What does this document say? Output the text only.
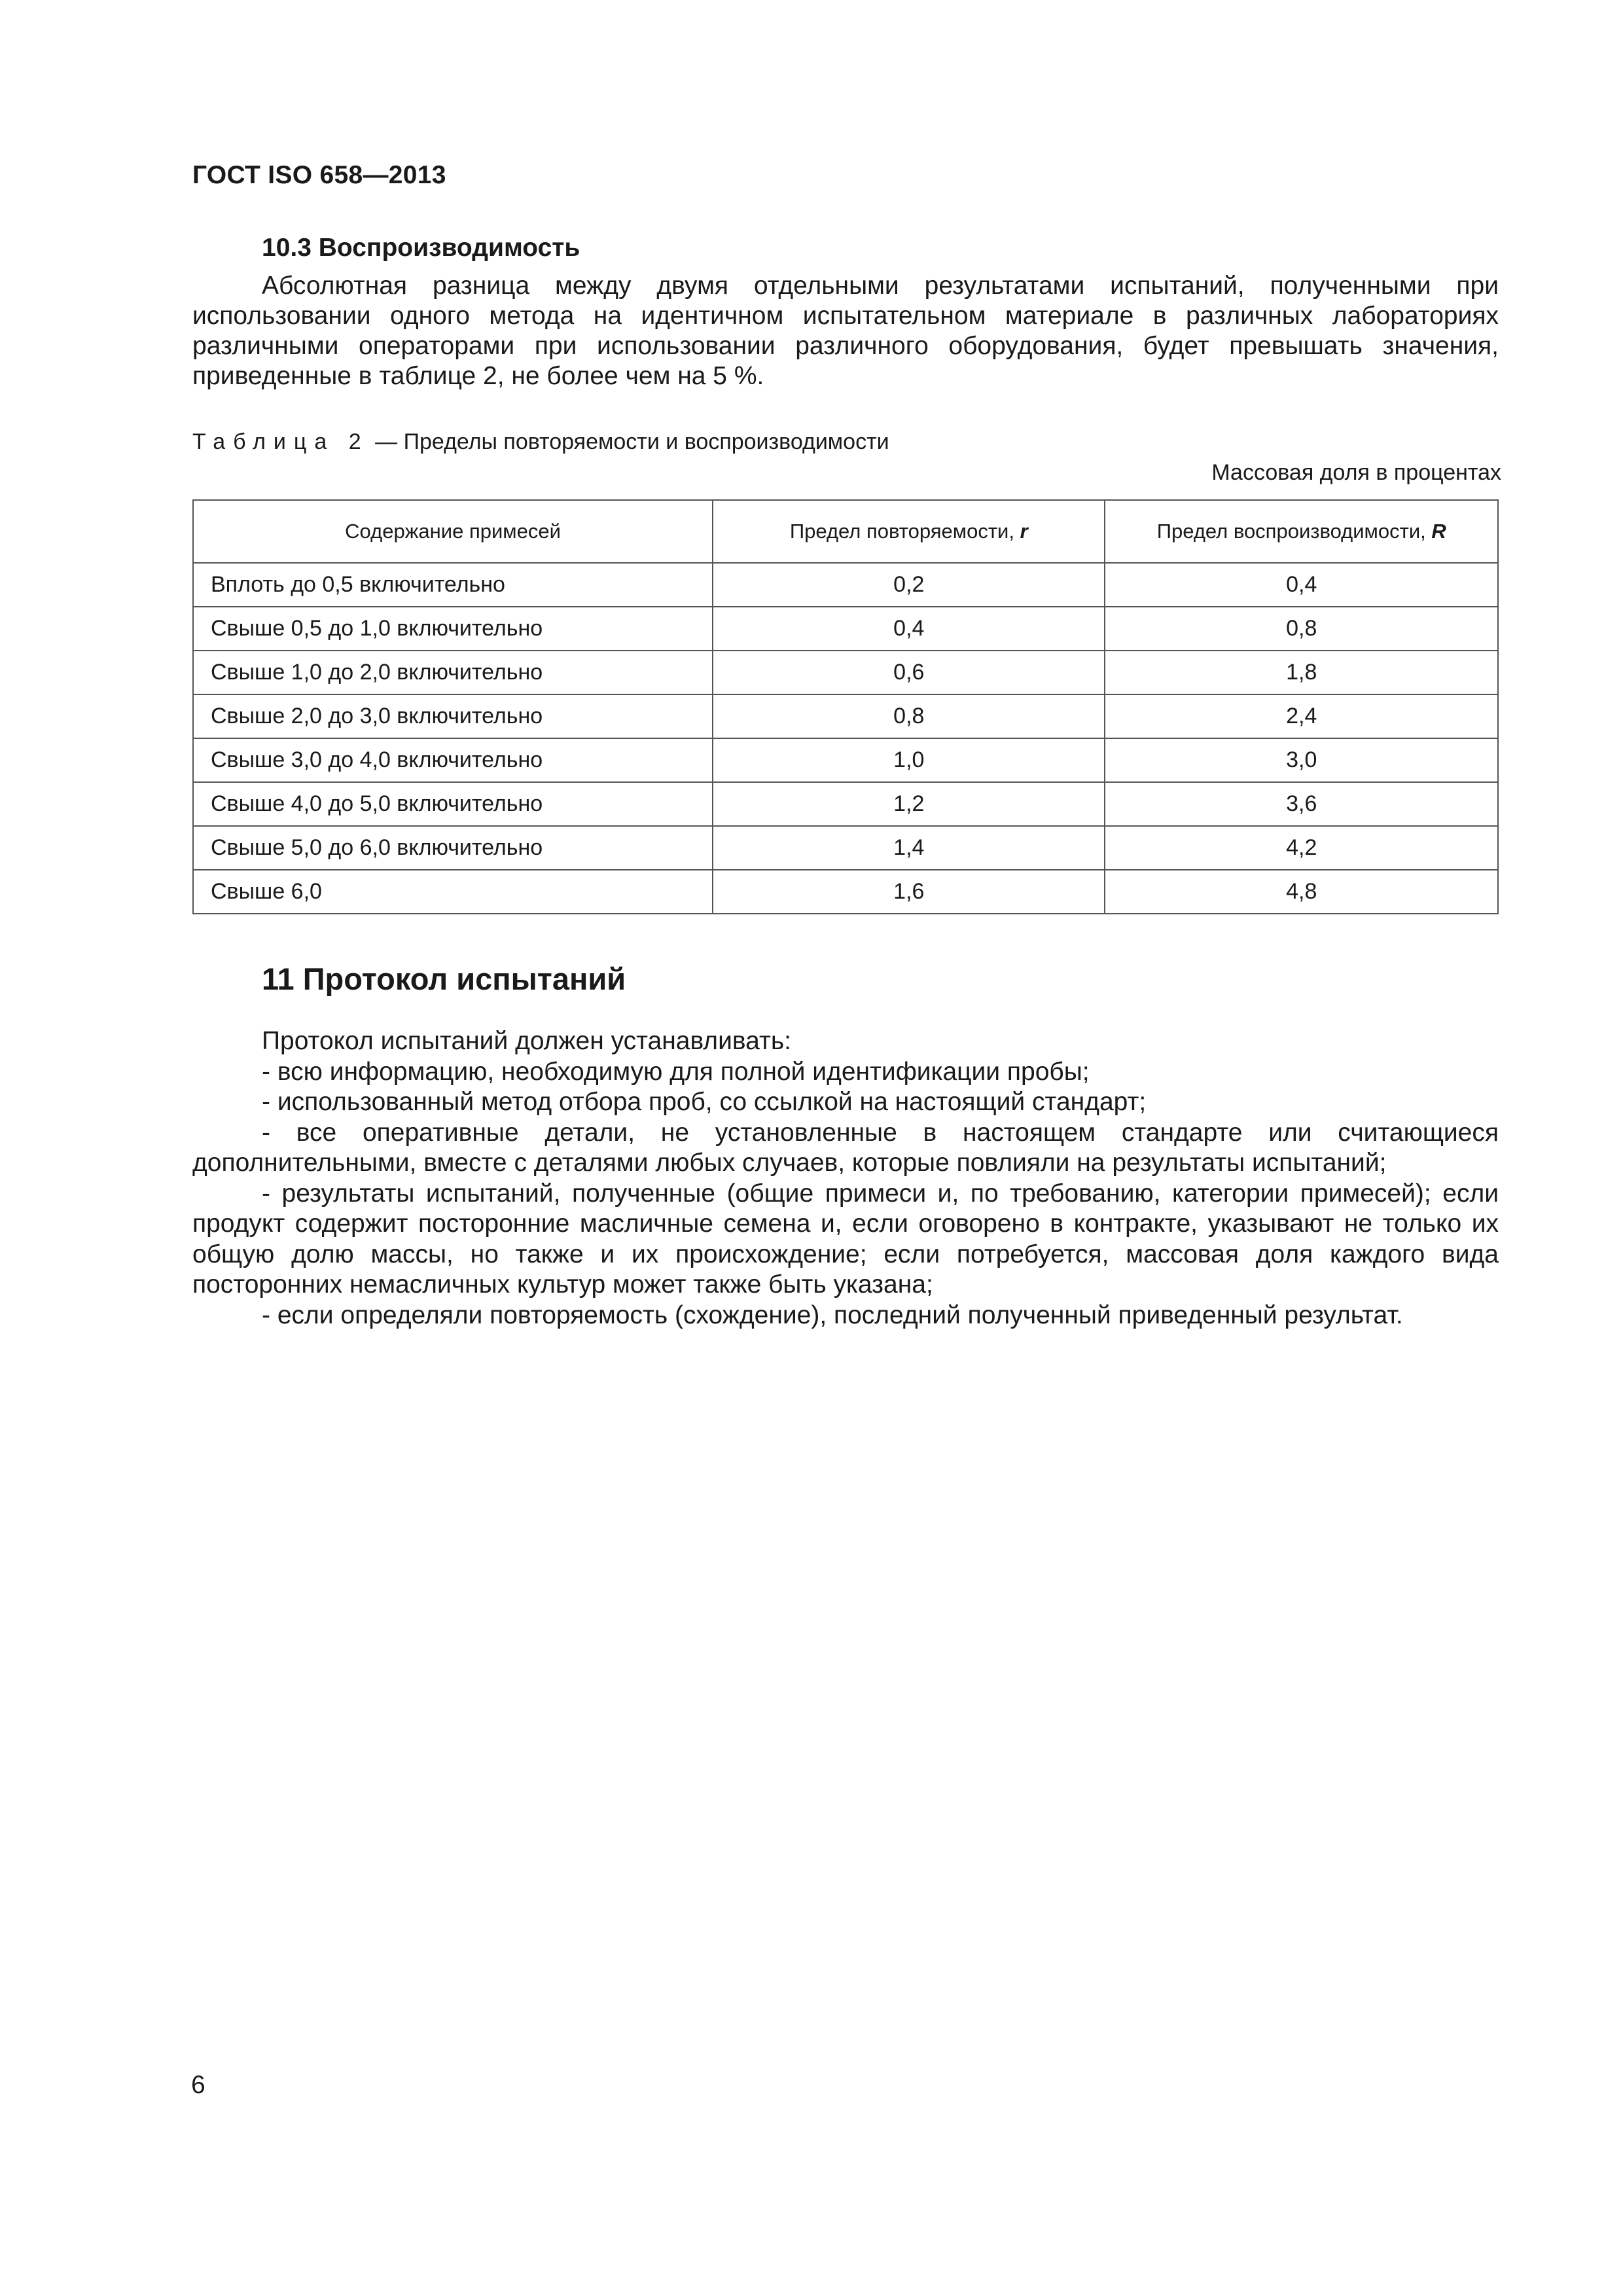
ГОСТ ISO 658—2013
10.3 Воспроизводимость

Абсолютная разница между двумя отдельными результатами испытаний, полученными при использовании одного метода на идентичном испытательном материале в различных лабораториях различными операторами при использовании различного оборудования, будет превышать значения, приведенные в таблице 2, не более чем на 5 %.

Таблица 2 — Пределы повторяемости и воспроизводимости
Массовая доля в процентах
Содержание примесей	Предел повторяемости, r	Предел воспроизводимости, R
Вплоть до 0,5 включительно	0,2	0,4
Свыше 0,5 до 1,0 включительно	0,4	0,8
Свыше 1,0 до 2,0 включительно	0,6	1,8
Свыше 2,0 до 3,0 включительно	0,8	2,4
Свыше 3,0 до 4,0 включительно	1,0	3,0
Свыше 4,0 до 5,0 включительно	1,2	3,6
Свыше 5,0 до 6,0 включительно	1,4	4,2
Свыше 6,0	1,6	4,8
11 Протокол испытаний

Протокол испытаний должен устанавливать:

- всю информацию, необходимую для полной идентификации пробы;

- использованный метод отбора проб, со ссылкой на настоящий стандарт;

- все оперативные детали, не установленные в настоящем стандарте или считающиеся дополнительными, вместе с деталями любых случаев, которые повлияли на результаты испытаний;

- результаты испытаний, полученные (общие примеси и, по требованию, категории примесей); если продукт содержит посторонние масличные семена и, если оговорено в контракте, указывают не только их общую долю массы, но также и их происхождение; если потребуется, массовая доля каждого вида посторонних немасличных культур может также быть указана;

- если определяли повторяемость (схождение), последний полученный приведенный результат.

6
